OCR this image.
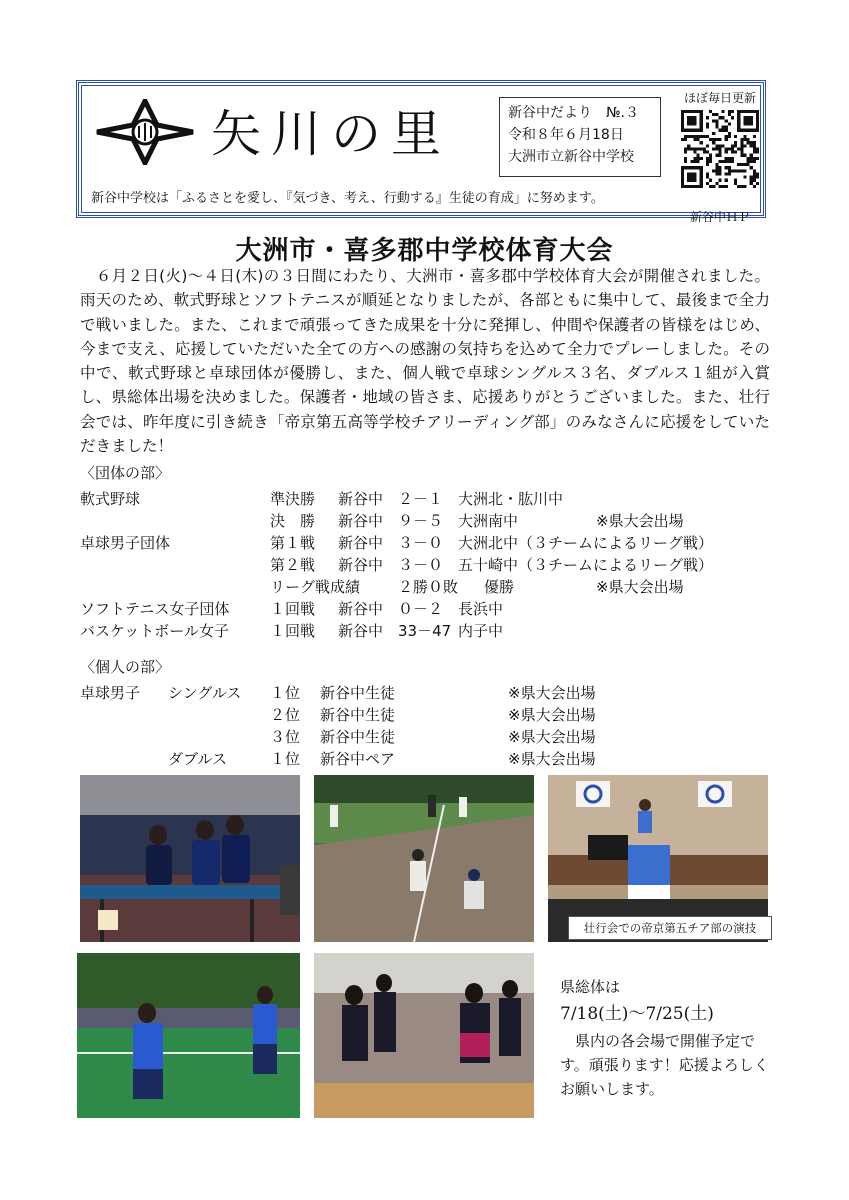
矢川の里	新谷中だより　№.３
令和８年６月18日
大洲市立新谷中学校
新谷中学校は「ふるさとを愛し、『気づき、考え、行動する』生徒の育成」に努めます。
ほぼ毎日更新
新谷中ＨＰ
大洲市・喜多郡中学校体育大会
　６月２日(火)～４日(木)の３日間にわたり、大洲市・喜多郡中学校体育大会が開催されました。雨天のため、軟式野球とソフトテニスが順延となりましたが、各部ともに集中して、最後まで全力で戦いました。また、これまで頑張ってきた成果を十分に発揮し、仲間や保護者の皆様をはじめ、今まで支え、応援していただいた全ての方への感謝の気持ちを込めて全力でプレーしました。その中で、軟式野球と卓球団体が優勝し、また、個人戦で卓球シングルス３名、ダブルス１組が入賞し、県総体出場を決めました。保護者・地域の皆さま、応援ありがとうございました。また、壮行会では、昨年度に引き続き「帝京第五高等学校チアリーディング部」のみなさんに応援をしていただきました！
〈団体の部〉
軟式野球	準決勝 新谷中 ２－１ 大洲北・肱川中
決　勝 新谷中 ９－５ 大洲南中	※県大会出場
卓球男子団体	第１戦 新谷中 ３－０ 大洲北中（３チームによるリーグ戦）
第２戦 新谷中 ３－０ 五十崎中（３チームによるリーグ戦）
リーグ戦成績	２勝０敗 優勝	※県大会出場
ソフトテニス女子団体	１回戦 新谷中 ０－２ 長浜中
バスケットボール女子	１回戦 新谷中 33－47 内子中
〈個人の部〉
卓球男子 シングルス １位 新谷中生徒	※県大会出場
２位 新谷中生徒	※県大会出場
３位 新谷中生徒	※県大会出場
ダブルス	１位 新谷中ペア	※県大会出場
壮行会での帝京第五チア部の演技
県総体は
7/18(土)～7/25(土)
　県内の各会場で開催予定です。頑張ります！応援よろしくお願いします。
